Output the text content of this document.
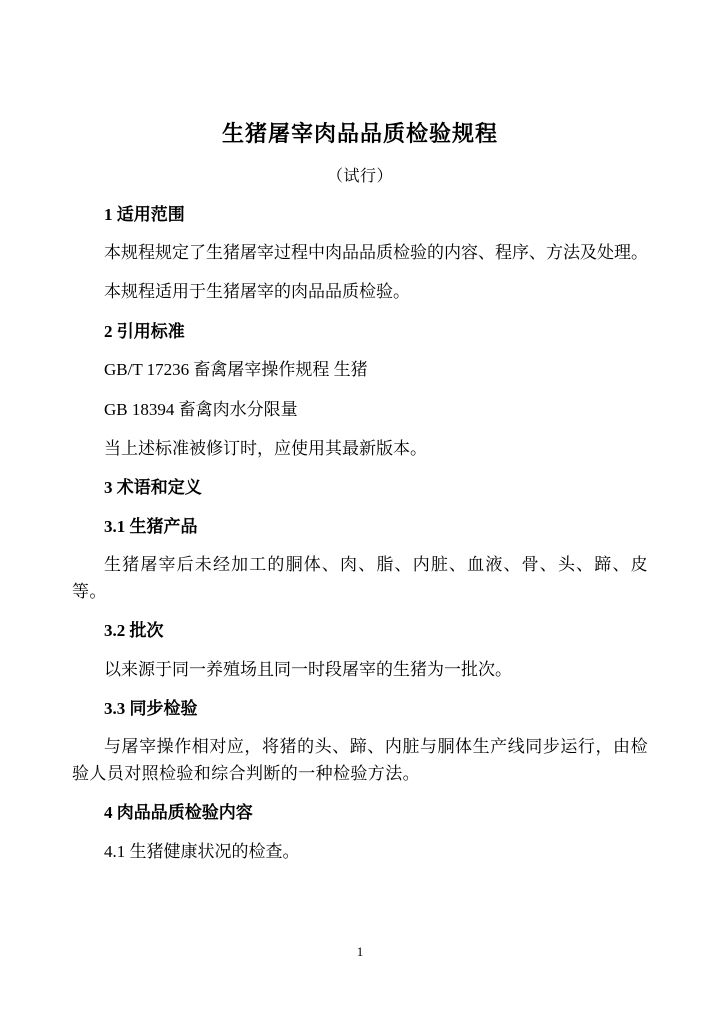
生猪屠宰肉品品质检验规程
（试行）
1 适用范围

本规程规定了生猪屠宰过程中肉品品质检验的内容、程序、方法及处理。

本规程适用于生猪屠宰的肉品品质检验。

2 引用标准

GB/T 17236 畜禽屠宰操作规程 生猪

GB 18394 畜禽肉水分限量

当上述标准被修订时，应使用其最新版本。

3 术语和定义
3.1 生猪产品

生猪屠宰后未经加工的胴体、肉、脂、内脏、血液、骨、头、蹄、皮等。

3.2 批次

以来源于同一养殖场且同一时段屠宰的生猪为一批次。

3.3 同步检验

与屠宰操作相对应，将猪的头、蹄、内脏与胴体生产线同步运行，由检验人员对照检验和综合判断的一种检验方法。

4 肉品品质检验内容

4.1 生猪健康状况的检查。

1
